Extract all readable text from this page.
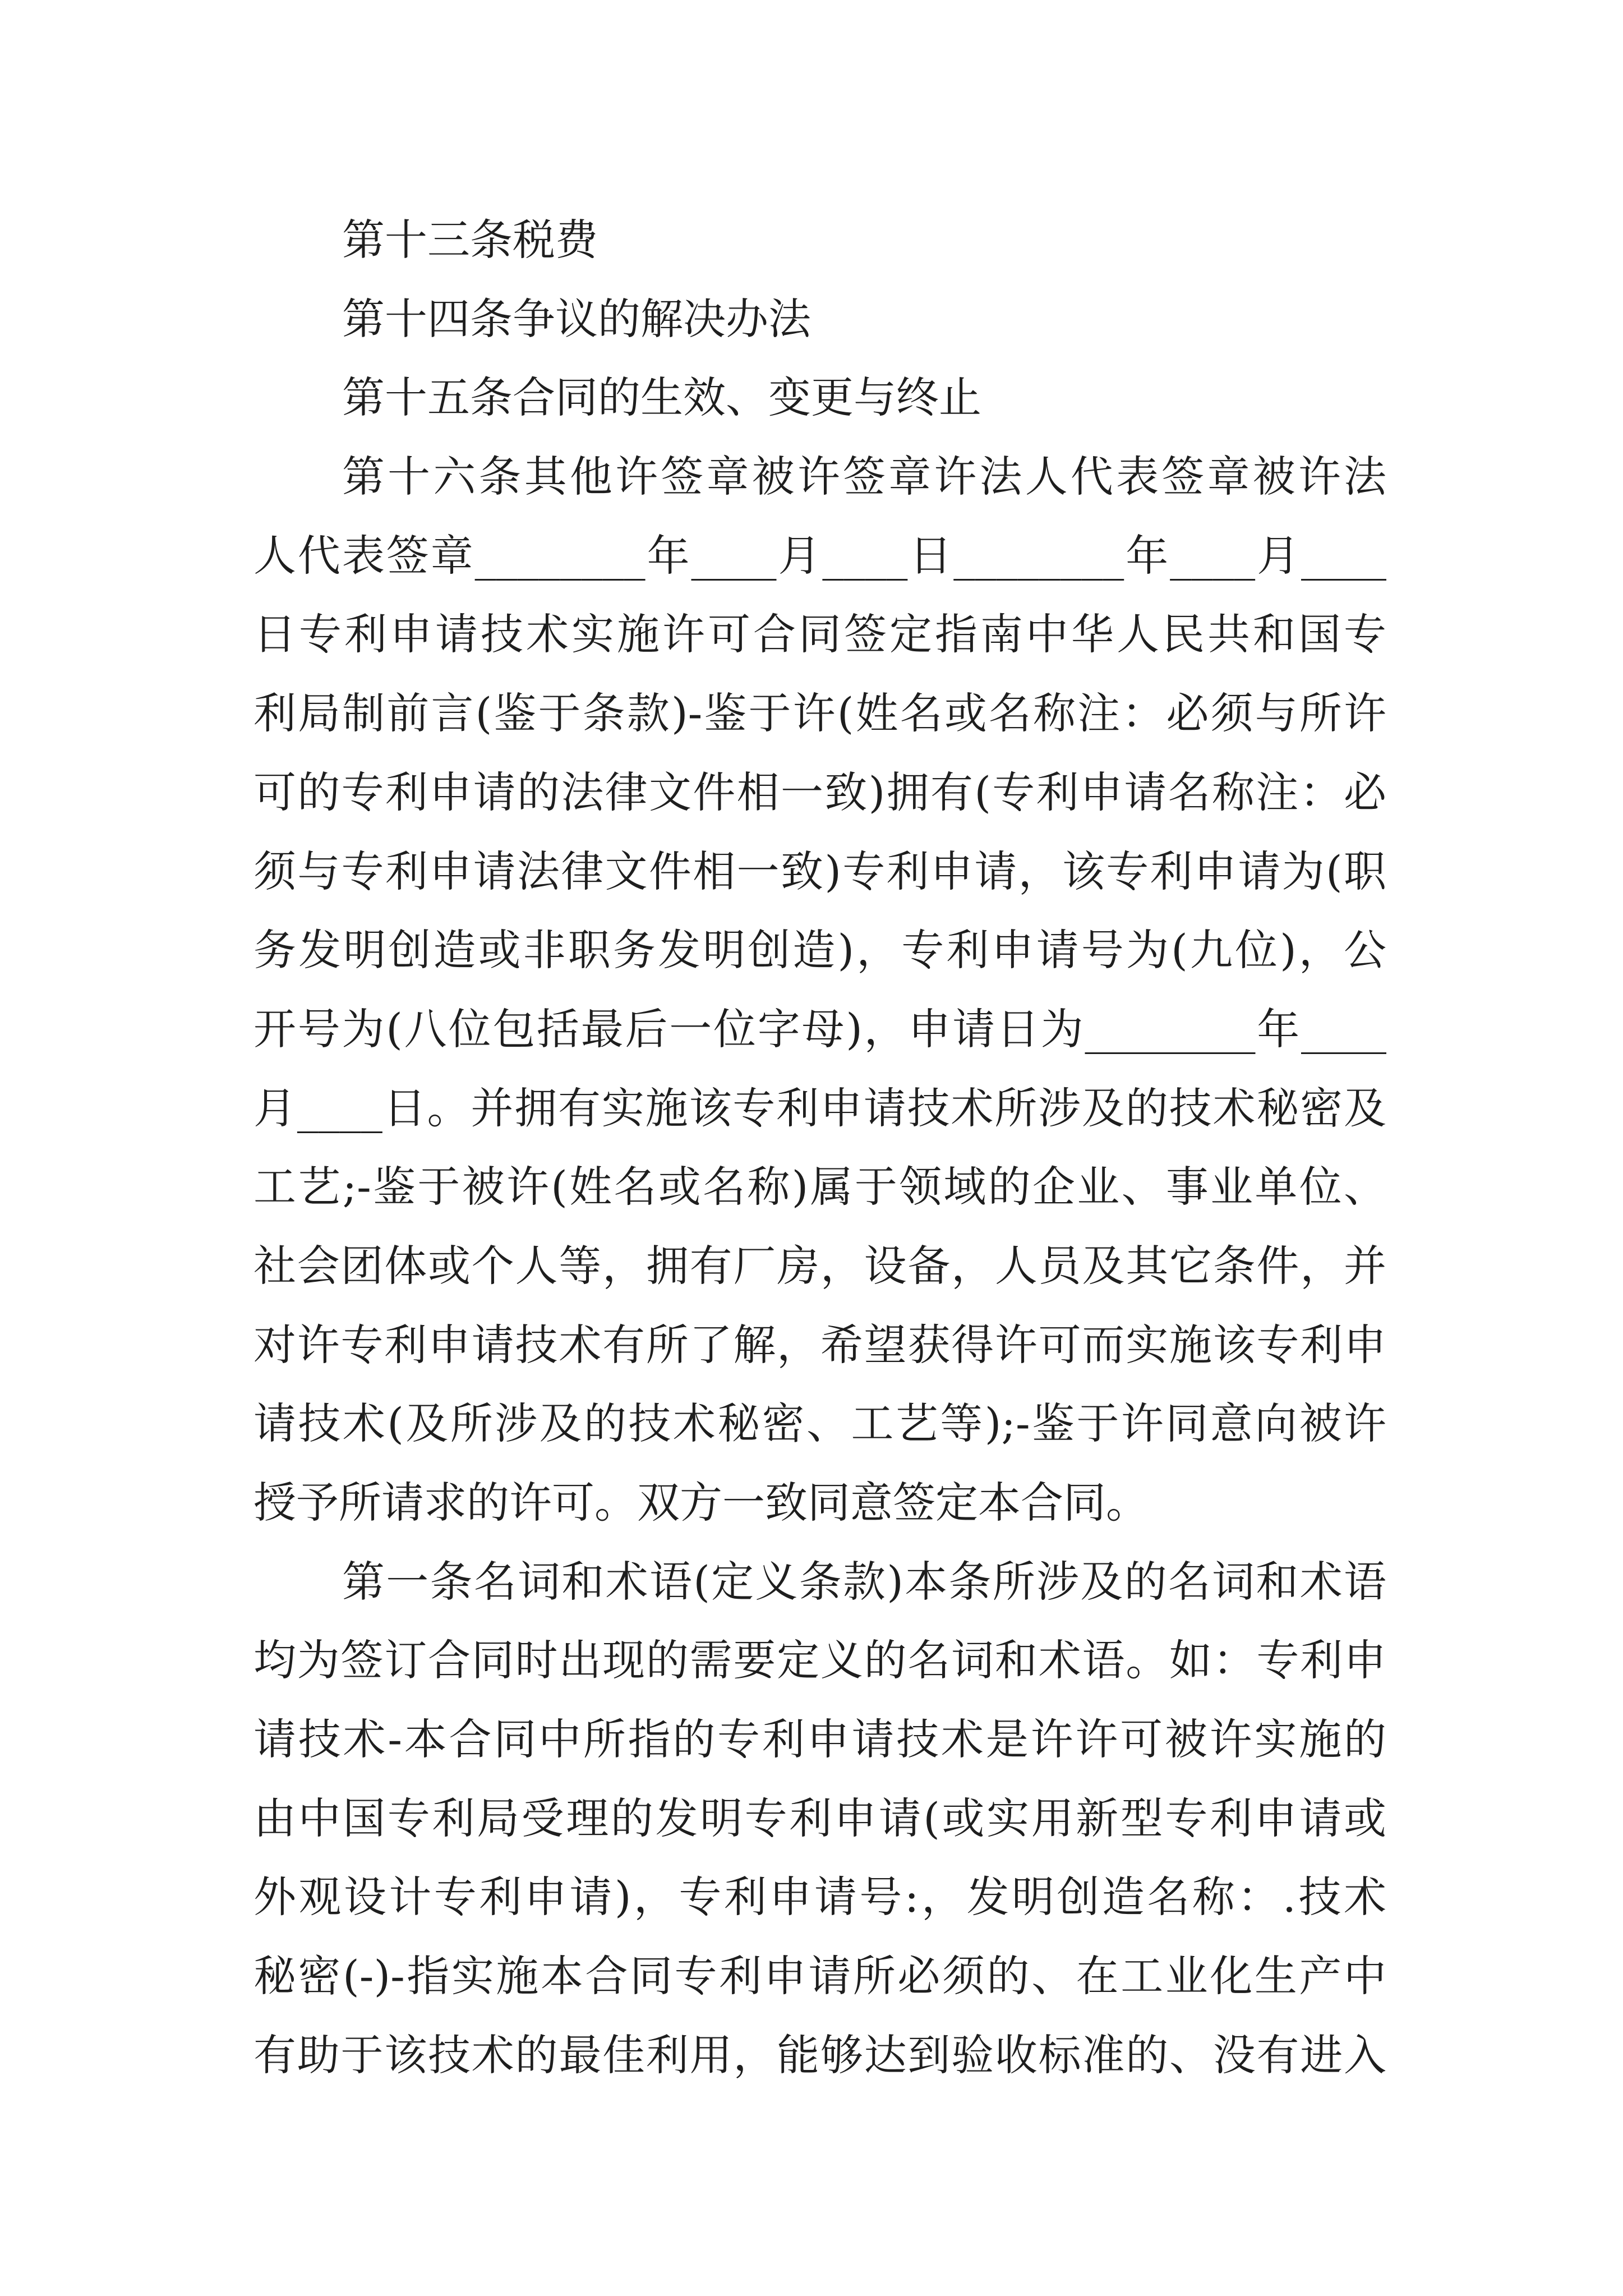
第十三条税费
第十四条争议的解决办法
第十五条合同的生效、变更与终止
第十六条其他许签章被许签章许法人代表签章被许法
人代表签章________年____月____日________年____月____
日专利申请技术实施许可合同签定指南中华人民共和国专
利局制前言(鉴于条款)-鉴于许(姓名或名称注：必须与所许
可的专利申请的法律文件相一致)拥有(专利申请名称注：必
须与专利申请法律文件相一致)专利申请，该专利申请为(职
务发明创造或非职务发明创造)，专利申请号为(九位)，公
开号为(八位包括最后一位字母)，申请日为________年____
月____日。并拥有实施该专利申请技术所涉及的技术秘密及
工艺;-鉴于被许(姓名或名称)属于领域的企业、事业单位、
社会团体或个人等，拥有厂房，设备，人员及其它条件，并
对许专利申请技术有所了解，希望获得许可而实施该专利申
请技术(及所涉及的技术秘密、工艺等);-鉴于许同意向被许
授予所请求的许可。双方一致同意签定本合同。
第一条名词和术语(定义条款)本条所涉及的名词和术语
均为签订合同时出现的需要定义的名词和术语。如：专利申
请技术-本合同中所指的专利申请技术是许许可被许实施的
由中国专利局受理的发明专利申请(或实用新型专利申请或
外观设计专利申请)，专利申请号:，发明创造名称：.技术
秘密(-)-指实施本合同专利申请所必须的、在工业化生产中
有助于该技术的最佳利用，能够达到验收标准的、没有进入
